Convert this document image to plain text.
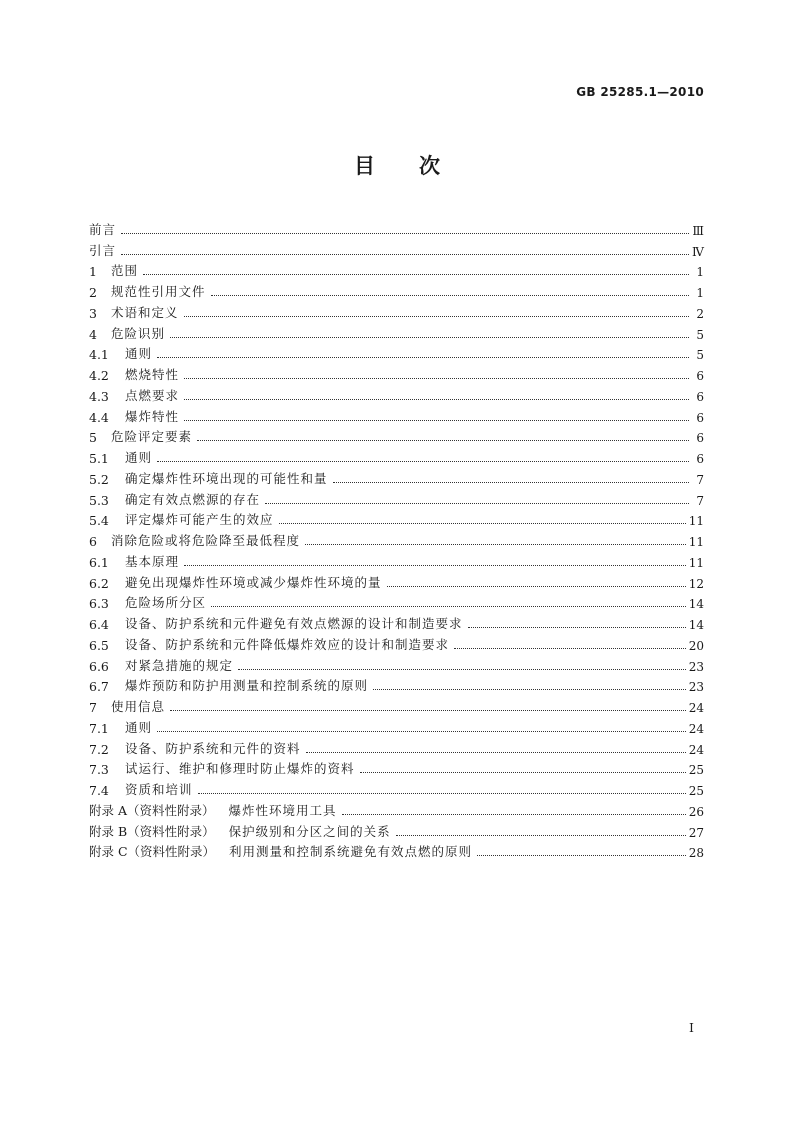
GB 25285.1—2010
目次
前言	Ⅲ
引言	Ⅳ
1	范围	1
2	规范性引用文件	1
3	术语和定义	2
4	危险识别	5
4.1	通则	5
4.2	燃烧特性	6
4.3	点燃要求	6
4.4	爆炸特性	6
5	危险评定要素	6
5.1	通则	6
5.2	确定爆炸性环境出现的可能性和量	7
5.3	确定有效点燃源的存在	7
5.4	评定爆炸可能产生的效应	11
6	消除危险或将危险降至最低程度	11
6.1	基本原理	11
6.2	避免出现爆炸性环境或减少爆炸性环境的量	12
6.3	危险场所分区	14
6.4	设备、防护系统和元件避免有效点燃源的设计和制造要求	14
6.5	设备、防护系统和元件降低爆炸效应的设计和制造要求	20
6.6	对紧急措施的规定	23
6.7	爆炸预防和防护用测量和控制系统的原则	23
7	使用信息	24
7.1	通则	24
7.2	设备、防护系统和元件的资料	24
7.3	试运行、维护和修理时防止爆炸的资料	25
7.4	资质和培训	25
附录 A（资料性附录） 爆炸性环境用工具	26
附录 B（资料性附录） 保护级别和分区之间的关系	27
附录 C（资料性附录） 利用测量和控制系统避免有效点燃的原则	28
I
